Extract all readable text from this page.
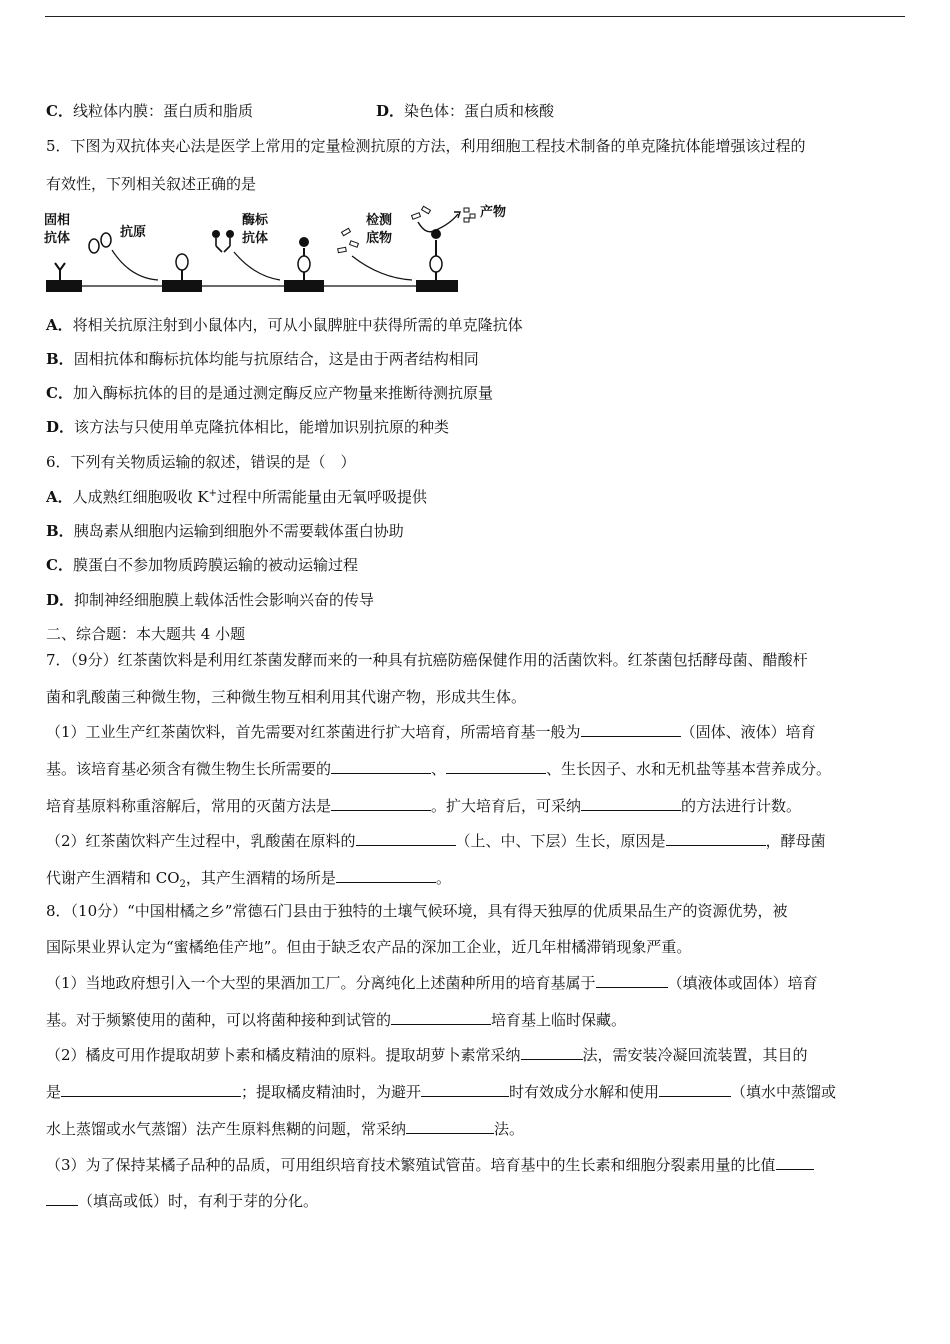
C．线粒体内膜：蛋白质和脂质	D．染色体：蛋白质和核酸
5．下图为双抗体夹心法是医学上常用的定量检测抗原的方法，利用细胞工程技术制备的单克隆抗体能增强该过程的
有效性，下列相关叙述正确的是
固相
抗体	抗原
酶标
抗体
检测
底物
产物
A．将相关抗原注射到小鼠体内，可从小鼠脾脏中获得所需的单克隆抗体
B．固相抗体和酶标抗体均能与抗原结合，这是由于两者结构相同
C．加入酶标抗体的目的是通过测定酶反应产物量来推断待测抗原量
D．该方法与只使用单克隆抗体相比，能增加识别抗原的种类
6．下列有关物质运输的叙述，错误的是（　）
A．人成熟红细胞吸收 K+过程中所需能量由无氧呼吸提供
B．胰岛素从细胞内运输到细胞外不需要载体蛋白协助
C．膜蛋白不参加物质跨膜运输的被动运输过程
D．抑制神经细胞膜上载体活性会影响兴奋的传导
二、综合题：本大题共 4 小题
7．（9分）红茶菌饮料是利用红茶菌发酵而来的一种具有抗癌防癌保健作用的活菌饮料。红茶菌包括酵母菌、醋酸杆
菌和乳酸菌三种微生物，三种微生物互相利用其代谢产物，形成共生体。
（1）工业生产红茶菌饮料，首先需要对红茶菌进行扩大培育，所需培育基一般为	（固体、液体）培育
基。该培育基必须含有微生物生长所需要的	、	、生长因子、水和无机盐等基本营养成分。
培育基原料称重溶解后，常用的灭菌方法是	。扩大培育后，可采纳	的方法进行计数。
（2）红茶菌饮料产生过程中，乳酸菌在原料的	（上、中、下层）生长，原因是	，酵母菌
代谢产生酒精和 $CO_2$，其产生酒精的场所是	。
8．（10分）“中国柑橘之乡”常德石门县由于独特的土壤气候环境，具有得天独厚的优质果品生产的资源优势，被
国际果业界认定为“蜜橘绝佳产地”。但由于缺乏农产品的深加工企业，近几年柑橘滞销现象严重。
（1）当地政府想引入一个大型的果酒加工厂。分离纯化上述菌种所用的培育基属于	（填液体或固体）培育
基。对于频繁使用的菌种，可以将菌种接种到试管的	培育基上临时保藏。
（2）橘皮可用作提取胡萝卜素和橘皮精油的原料。提取胡萝卜素常采纳	法，需安装冷凝回流装置，其目的
是	；提取橘皮精油时，为避开	时有效成分水解和使用	（填水中蒸馏或
水上蒸馏或水气蒸馏）法产生原料焦糊的问题，常采纳	法。
（3）为了保持某橘子品种的品质，可用组织培育技术繁殖试管苗。培育基中的生长素和细胞分裂素用量的比值
（填高或低）时，有利于芽的分化。
